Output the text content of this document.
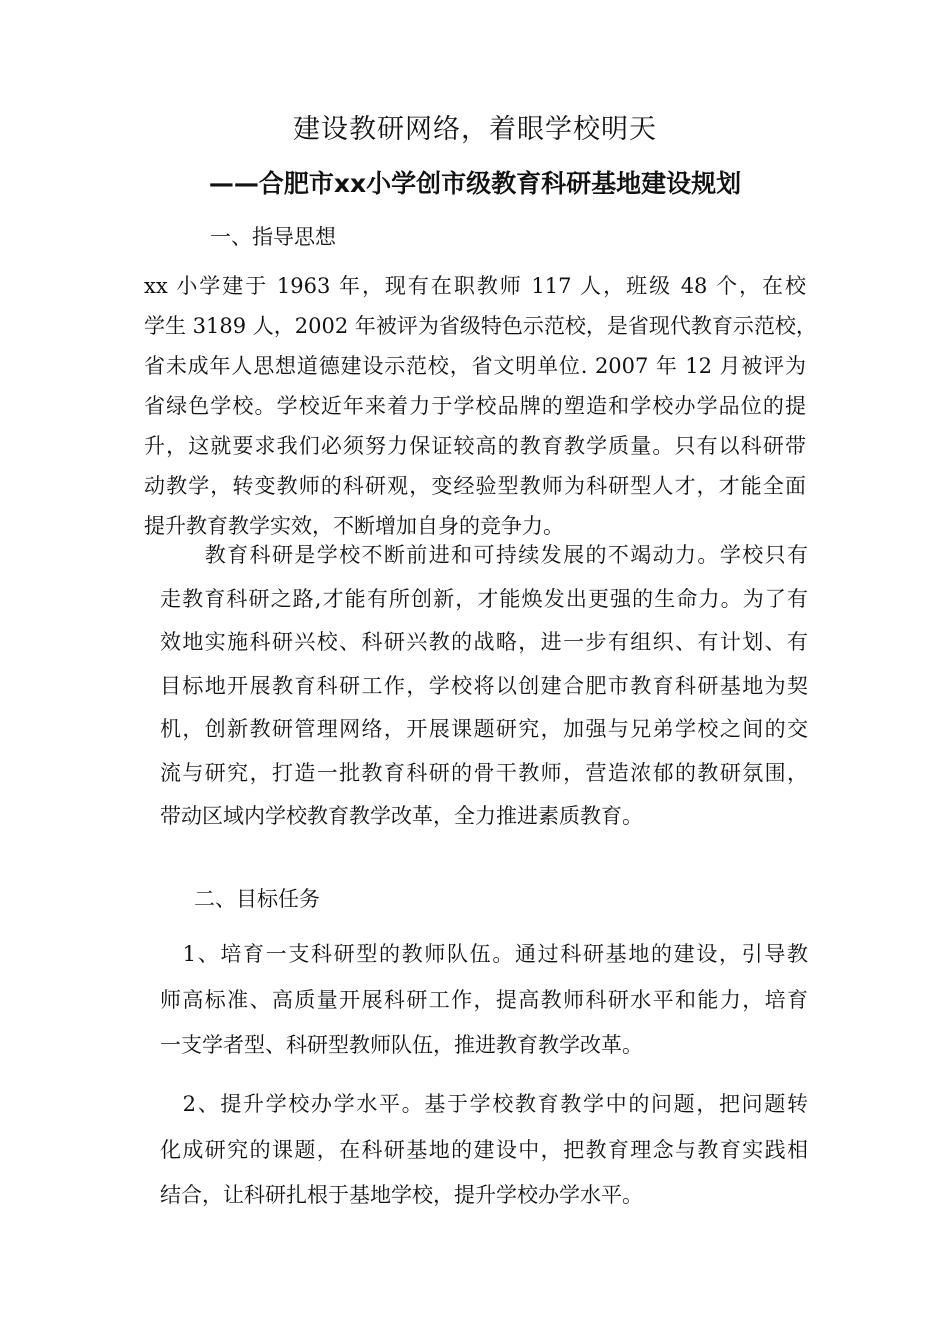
建设教研网络，着眼学校明天
——合肥市xx小学创市级教育科研基地建设规划
一、指导思想
xx 小学建于 1963 年，现有在职教师 117 人，班级 48 个，在校
学生 3189 人，2002 年被评为省级特色示范校，是省现代教育示范校，
省未成年人思想道德建设示范校，省文明单位. 2007 年 12 月被评为
省绿色学校。学校近年来着力于学校品牌的塑造和学校办学品位的提
升，这就要求我们必须努力保证较高的教育教学质量。只有以科研带
动教学，转变教师的科研观，变经验型教师为科研型人才，才能全面
提升教育教学实效，不断增加自身的竞争力。
　　教育科研是学校不断前进和可持续发展的不竭动力。学校只有
走教育科研之路,才能有所创新，才能焕发出更强的生命力。为了有
效地实施科研兴校、科研兴教的战略，进一步有组织、有计划、有
目标地开展教育科研工作，学校将以创建合肥市教育科研基地为契
机，创新教研管理网络，开展课题研究，加强与兄弟学校之间的交
流与研究，打造一批教育科研的骨干教师，营造浓郁的教研氛围，
带动区域内学校教育教学改革，全力推进素质教育。
二、目标任务
　1、培育一支科研型的教师队伍。通过科研基地的建设，引导教
师高标准、高质量开展科研工作，提高教师科研水平和能力，培育
一支学者型、科研型教师队伍，推进教育教学改革。
　2、提升学校办学水平。基于学校教育教学中的问题，把问题转
化成研究的课题，在科研基地的建设中，把教育理念与教育实践相
结合，让科研扎根于基地学校，提升学校办学水平。
